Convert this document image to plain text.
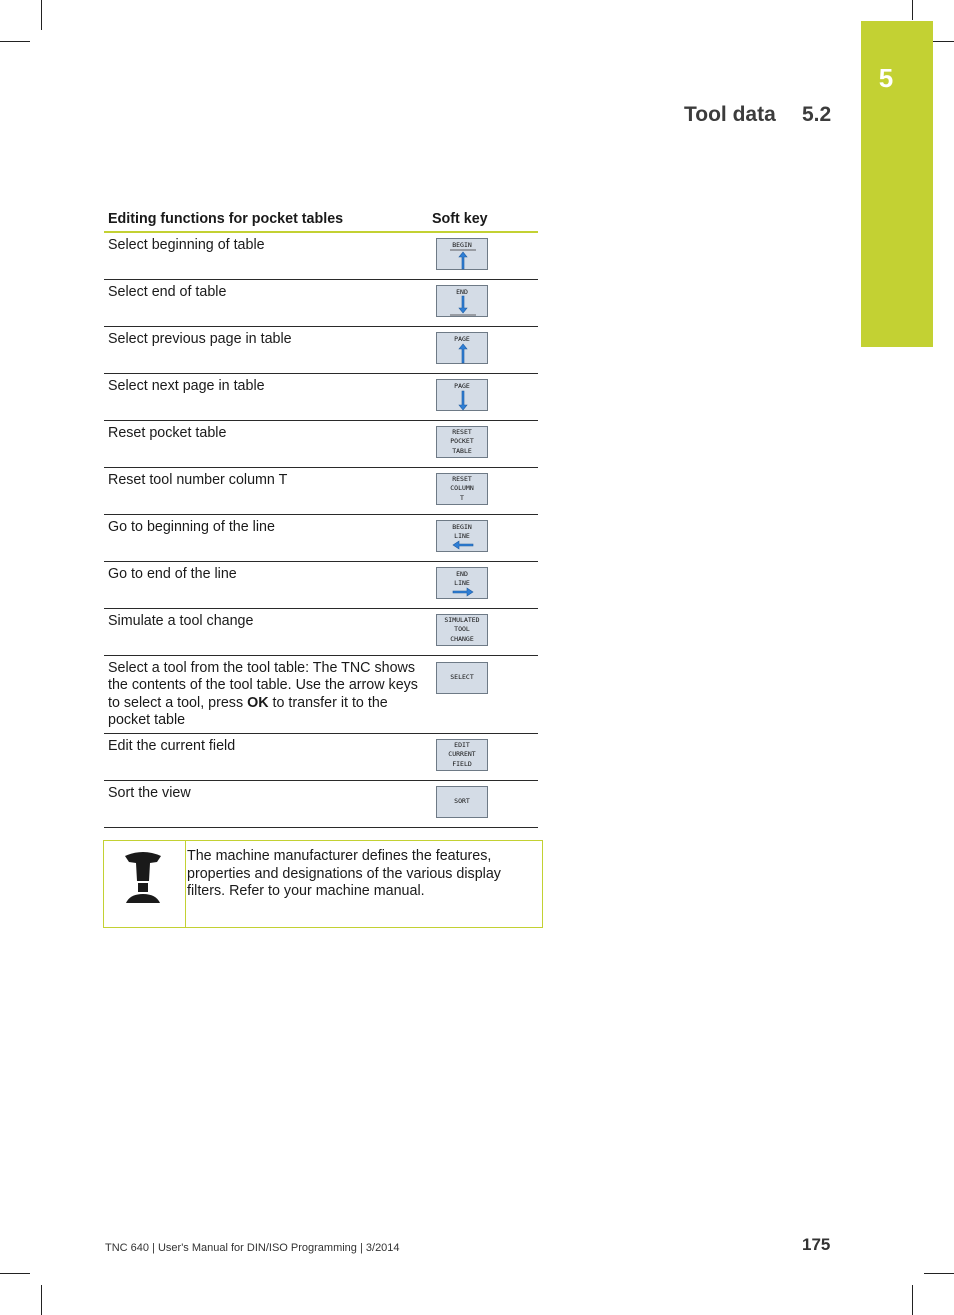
5
Tool data 5.2
Editing functions for pocket tables	Soft key
Select beginning of table	BEGIN

Select end of table	END

Select previous page in table	PAGE

Select next page in table	PAGE

Reset pocket table	RESET
POCKET
TABLE

Reset tool number column T	RESET
COLUMN
T

Go to beginning of the line	BEGIN
LINE

Go to end of the line	END
LINE

Simulate a tool change	SIMULATED
TOOL
CHANGE

Select a tool from the tool table: The TNC shows the contents of the tool table. Use the arrow keys to select a tool, press OK to transfer it to the pocket table	SELECT

Edit the current field	EDIT
CURRENT
FIELD

Sort the view	SORT
The machine manufacturer defines the features, properties and designations of the various display filters. Refer to your machine manual.
TNC 640 | User's Manual for DIN/ISO Programming | 3/2014	175
